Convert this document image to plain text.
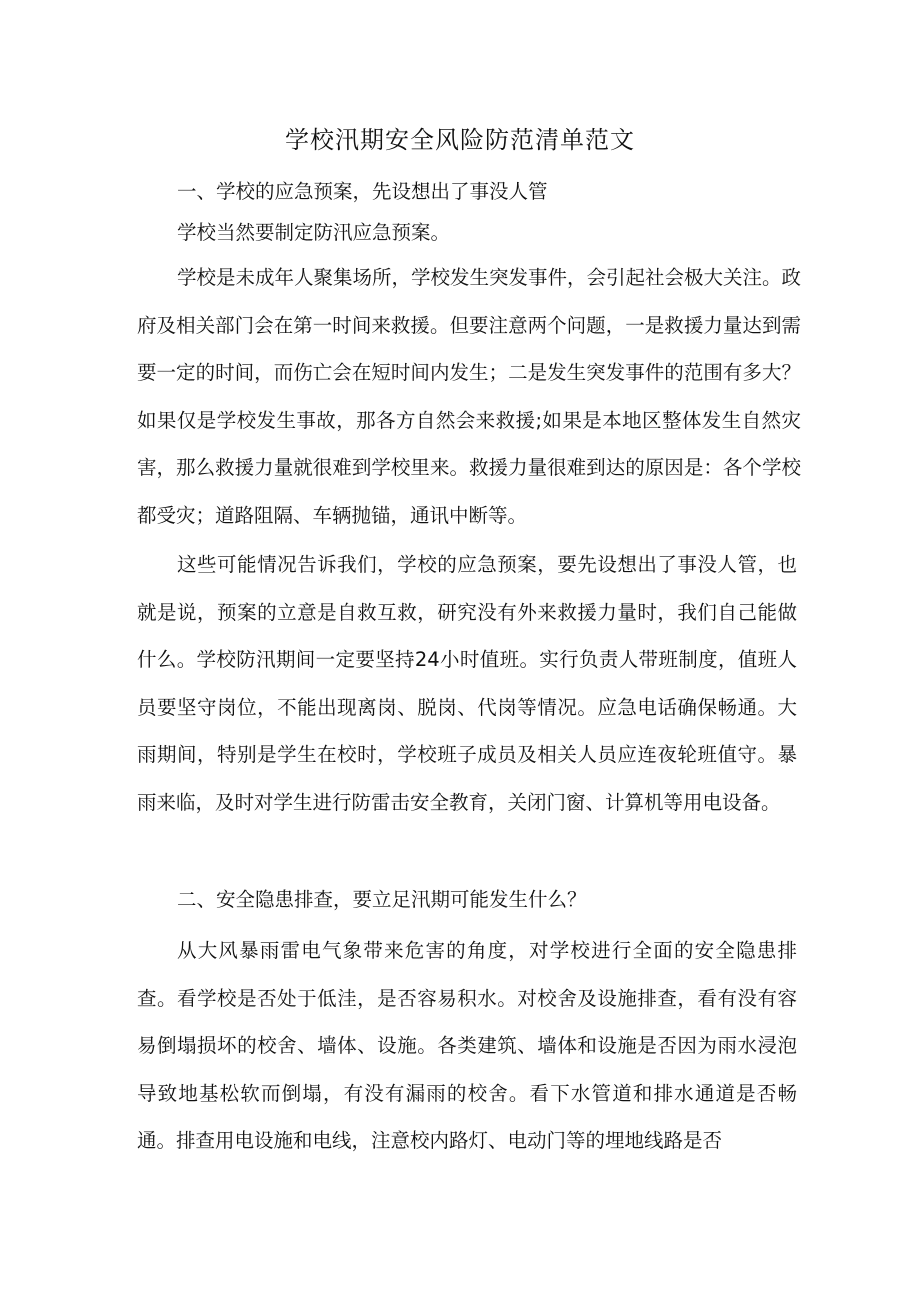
学校汛期安全风险防范清单范文

一、学校的应急预案，先设想出了事没人管

学校当然要制定防汛应急预案。

学校是未成年人聚集场所，学校发生突发事件，会引起社会极大关注。政府及相关部门会在第一时间来救援。但要注意两个问题，一是救援力量达到需要一定的时间，而伤亡会在短时间内发生；二是发生突发事件的范围有多大？如果仅是学校发生事故，那各方自然会来救援;如果是本地区整体发生自然灾害，那么救援力量就很难到学校里来。救援力量很难到达的原因是：各个学校都受灾；道路阻隔、车辆抛锚，通讯中断等。

这些可能情况告诉我们，学校的应急预案，要先设想出了事没人管，也就是说，预案的立意是自救互救，研究没有外来救援力量时，我们自己能做什么。学校防汛期间一定要坚持24小时值班。实行负责人带班制度，值班人员要坚守岗位，不能出现离岗、脱岗、代岗等情况。应急电话确保畅通。大雨期间，特别是学生在校时，学校班子成员及相关人员应连夜轮班值守。暴雨来临，及时对学生进行防雷击安全教育，关闭门窗、计算机等用电设备。

二、安全隐患排查，要立足汛期可能发生什么？

从大风暴雨雷电气象带来危害的角度，对学校进行全面的安全隐患排查。看学校是否处于低洼，是否容易积水。对校舍及设施排查，看有没有容易倒塌损坏的校舍、墙体、设施。各类建筑、墙体和设施是否因为雨水浸泡导致地基松软而倒塌，有没有漏雨的校舍。看下水管道和排水通道是否畅通。排查用电设施和电线，注意校内路灯、电动门等的埋地线路是否
